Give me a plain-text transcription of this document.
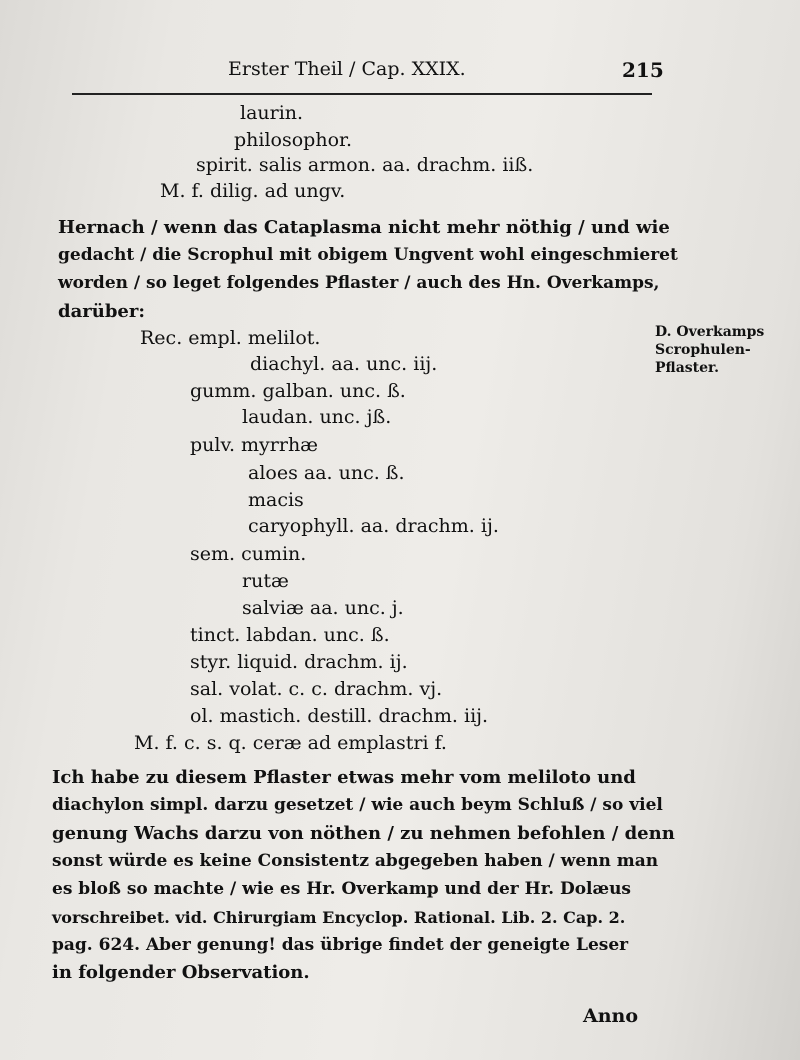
Erster Theil / Cap. XXIX.	215
laurin.
philosophor.
spirit. salis armon. aa. drachm. iiß.
M. f. dilig. ad ungv.
Hernach / wenn das Cataplasma nicht mehr nöthig / und wie
gedacht / die Scrophul mit obigem Ungvent wohl eingeschmieret
worden / so leget folgendes Pflaster / auch des Hn. Overkamps,
darüber:
Rec. empl. melilot.
diachyl. aa. unc. iij.
gumm. galban. unc. ß.
laudan. unc. jß.
pulv. myrrhæ
aloes aa. unc. ß.
macis
caryophyll. aa. drachm. ij.
sem. cumin.
rutæ
salviæ aa. unc. j.
tinct. labdan. unc. ß.
styr. liquid. drachm. ij.
sal. volat. c. c. drachm. vj.
ol. mastich. destill. drachm. iij.
M. f. c. s. q. ceræ ad emplastri f.
D. Overkamps
Scrophulen-
Pflaster.
Ich habe zu diesem Pflaster etwas mehr vom meliloto und
diachylon simpl. darzu gesetzet / wie auch beym Schluß / so viel
genung Wachs darzu von nöthen / zu nehmen befohlen / denn
sonst würde es keine Consistentz abgegeben haben / wenn man
es bloß so machte / wie es Hr. Overkamp und der Hr. Dolæus
vorschreibet. vid. Chirurgiam Encyclop. Rational. Lib. 2. Cap. 2.
pag. 624. Aber genung! das übrige findet der geneigte Leser
in folgender Observation.
Anno
